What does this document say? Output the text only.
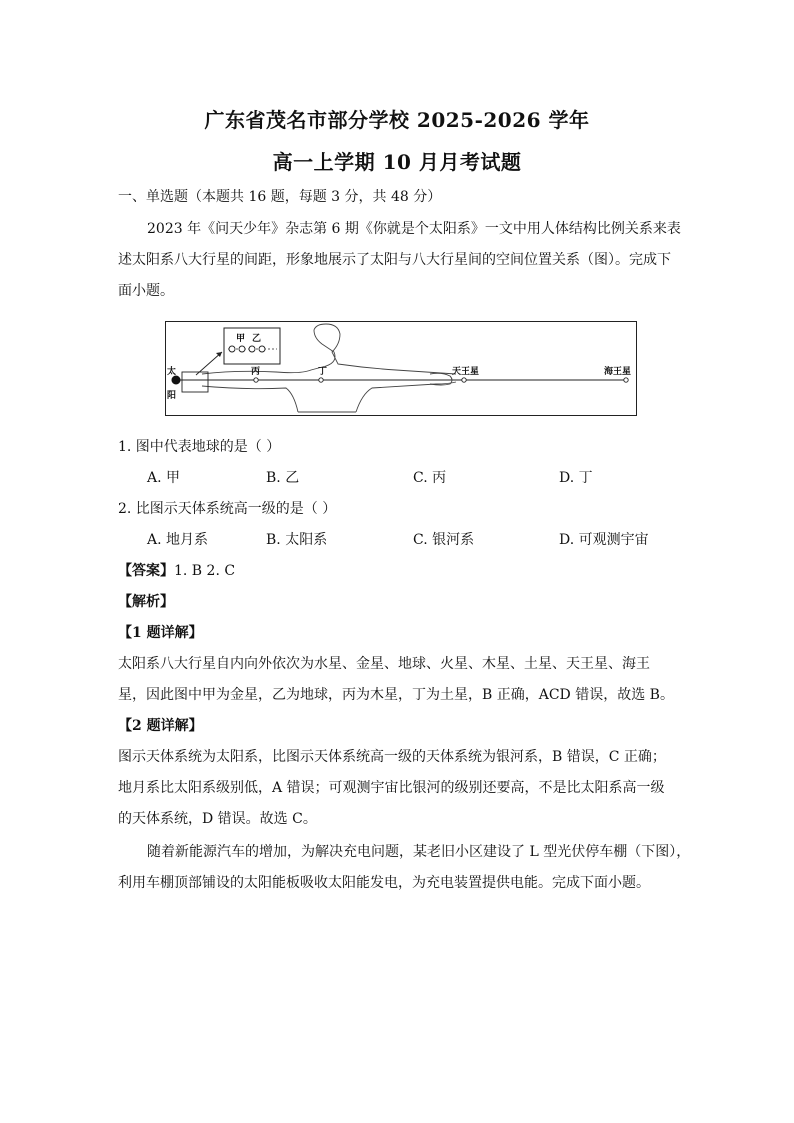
广东省茂名市部分学校 2025-2026 学年
高一上学期 10 月月考试题
一、单选题（本题共 16 题，每题 3 分，共 48 分）
2023 年《问天少年》杂志第 6 期《你就是个太阳系》一文中用人体结构比例关系来表
述太阳系八大行星的间距，形象地展示了太阳与八大行星间的空间位置关系（图）。完成下
面小题。
太
阳
甲 乙
丙	丁	天王星	海王星
1. 图中代表地球的是（ ）
A. 甲	B. 乙	C. 丙	D. 丁
2. 比图示天体系统高一级的是（ ）
A. 地月系	B. 太阳系	C. 银河系	D. 可观测宇宙
【答案】1. B 2. C
【解析】
【1 题详解】
太阳系八大行星自内向外依次为水星、金星、地球、火星、木星、土星、天王星、海王
星，因此图中甲为金星，乙为地球，丙为木星，丁为土星，B 正确，ACD 错误，故选 B。
【2 题详解】
图示天体系统为太阳系，比图示天体系统高一级的天体系统为银河系，B 错误，C 正确；
地月系比太阳系级别低，A 错误；可观测宇宙比银河的级别还要高，不是比太阳系高一级
的天体系统，D 错误。故选 C。
随着新能源汽车的增加，为解决充电问题，某老旧小区建设了 L 型光伏停车棚（下图），
利用车棚顶部铺设的太阳能板吸收太阳能发电，为充电装置提供电能。完成下面小题。
